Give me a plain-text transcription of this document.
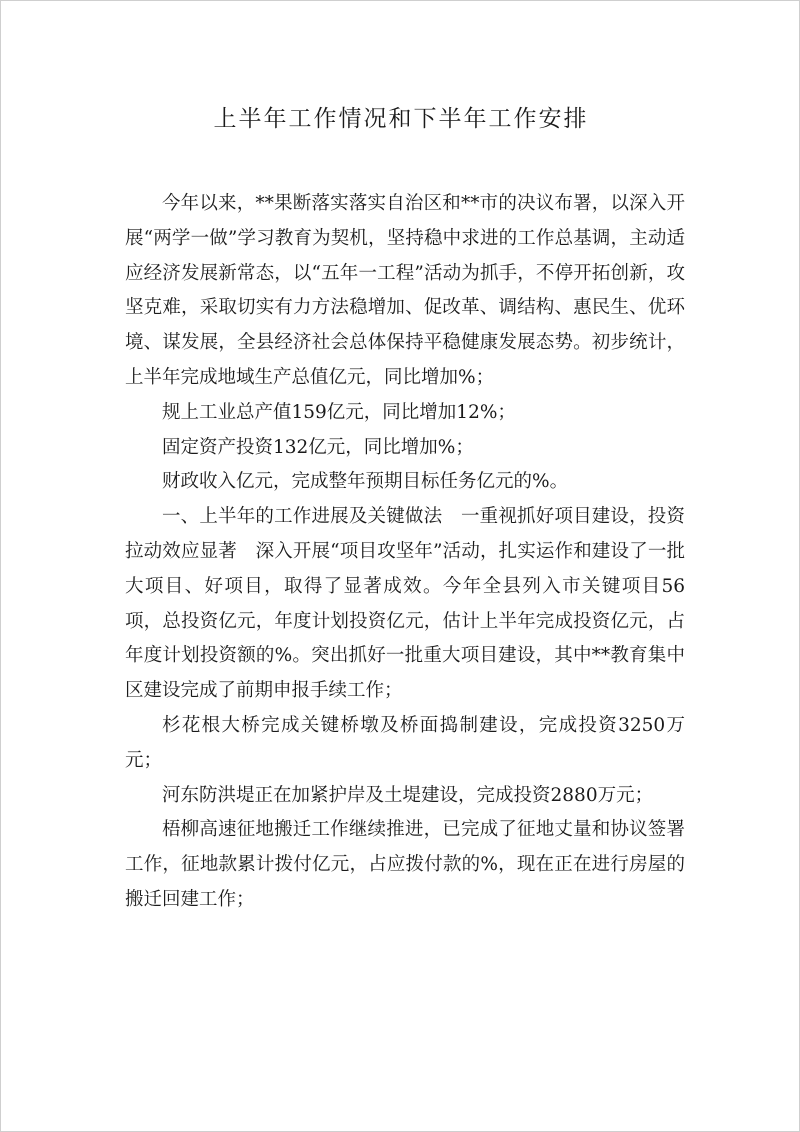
上半年工作情况和下半年工作安排

今年以来，**果断落实落实自治区和**市的决议布署，以深入开展“两学一做”学习教育为契机，坚持稳中求进的工作总基调，主动适应经济发展新常态，以“五年一工程”活动为抓手，不停开拓创新，攻坚克难，采取切实有力方法稳增加、促改革、调结构、惠民生、优环境、谋发展，全县经济社会总体保持平稳健康发展态势。初步统计，上半年完成地域生产总值亿元，同比增加%；

规上工业总产值159亿元，同比增加12%；

固定资产投资132亿元，同比增加%；

财政收入亿元，完成整年预期目标任务亿元的%。

一、上半年的工作进展及关键做法　一重视抓好项目建设，投资拉动效应显著　深入开展“项目攻坚年”活动，扎实运作和建设了一批大项目、好项目，取得了显著成效。今年全县列入市关键项目56项，总投资亿元，年度计划投资亿元，估计上半年完成投资亿元，占年度计划投资额的%。突出抓好一批重大项目建设，其中**教育集中区建设完成了前期申报手续工作；

杉花根大桥完成关键桥墩及桥面捣制建设，完成投资3250万元；

河东防洪堤正在加紧护岸及土堤建设，完成投资2880万元；

梧柳高速征地搬迁工作继续推进，已完成了征地丈量和协议签署工作，征地款累计拨付亿元，占应拨付款的%，现在正在进行房屋的搬迁回建工作；
